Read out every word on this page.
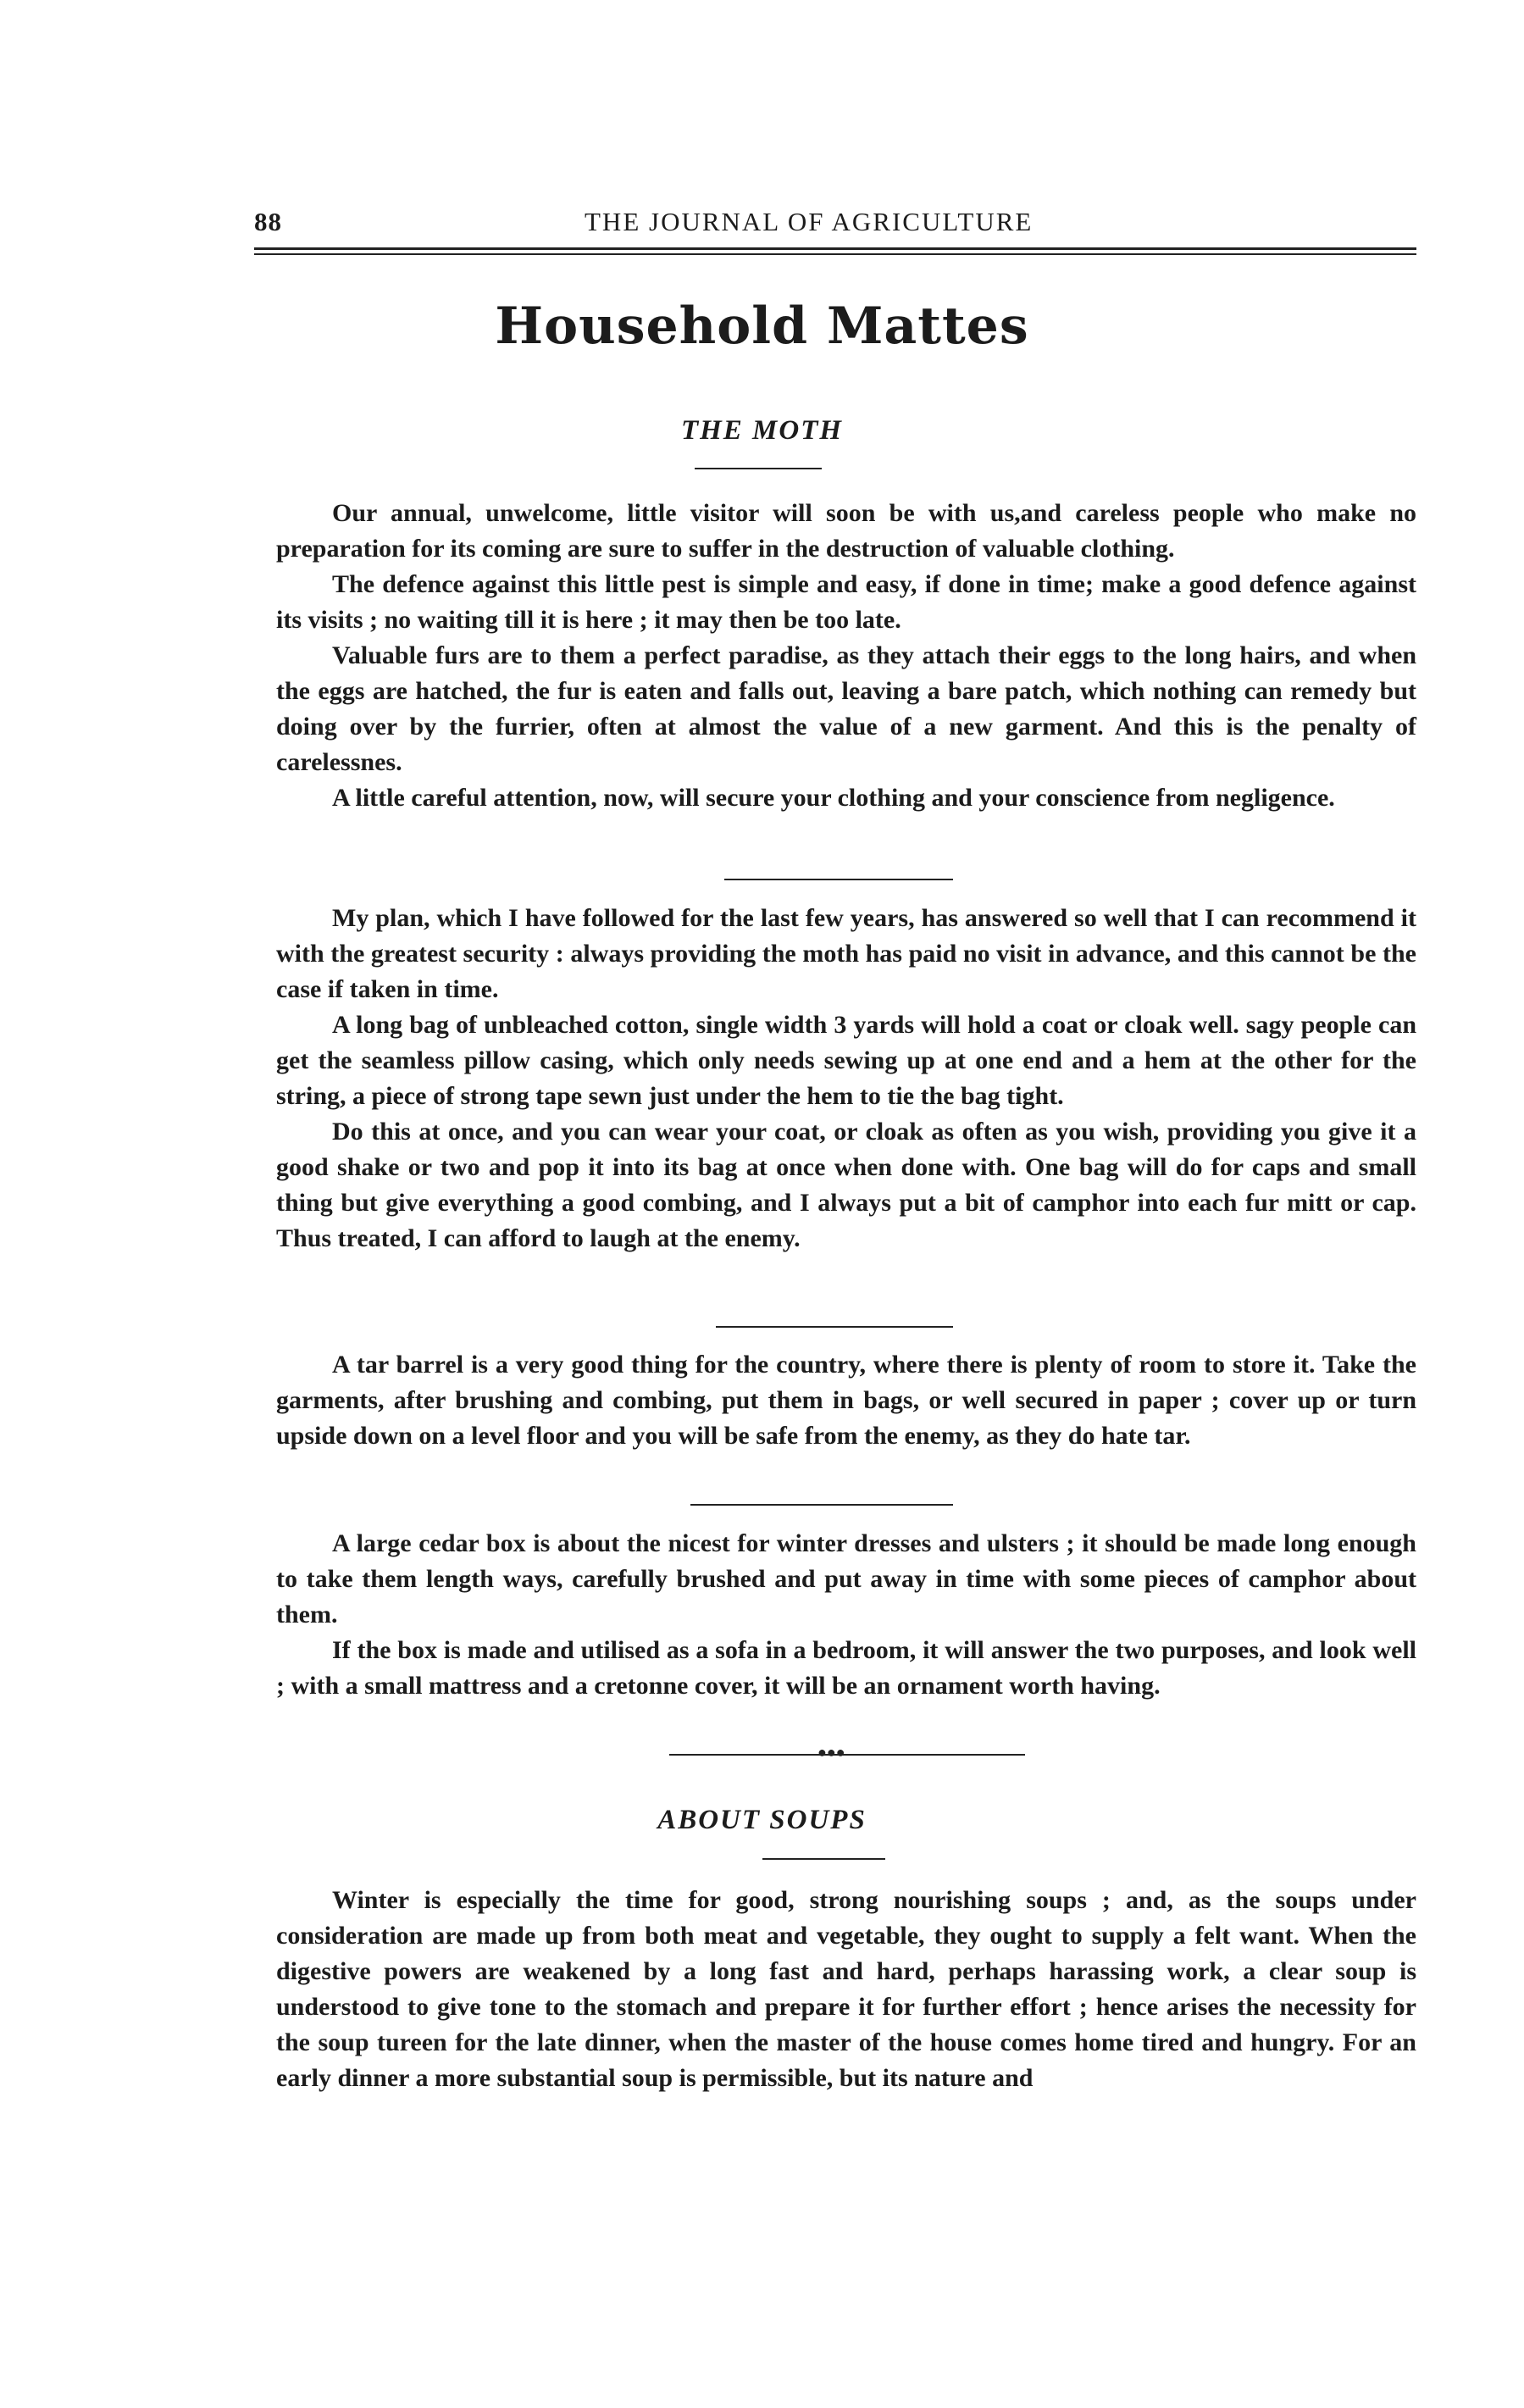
88	THE JOURNAL OF AGRICULTURE
Household Mattes
THE MOTH

Our annual, unwelcome, little visitor will soon be with us,and careless people who make no preparation for its coming are sure to suffer in the destruction of valuable clothing.

The defence against this little pest is simple and easy, if done in time; make a good defence against its visits ; no waiting till it is here ; it may then be too late.

Valuable furs are to them a perfect paradise, as they attach their eggs to the long hairs, and when the eggs are hatched, the fur is eaten and falls out, leaving a bare patch, which nothing can remedy but doing over by the furrier, often at almost the value of a new garment. And this is the penalty of carelessnes.

A little careful attention, now, will secure your clothing and your conscience from negligence.

My plan, which I have followed for the last few years, has answered so well that I can recommend it with the greatest security : always providing the moth has paid no visit in advance, and this cannot be the case if taken in time.

A long bag of unbleached cotton, single width 3 yards will hold a coat or cloak well. sagy people can get the seamless pillow casing, which only needs sewing up at one end and a hem at the other for the string, a piece of strong tape sewn just under the hem to tie the bag tight.

Do this at once, and you can wear your coat, or cloak as often as you wish, providing you give it a good shake or two and pop it into its bag at once when done with. One bag will do for caps and small thing but give everything a good combing, and I always put a bit of camphor into each fur mitt or cap. Thus treated, I can afford to laugh at the enemy.

A tar barrel is a very good thing for the country, where there is plenty of room to store it. Take the garments, after brushing and combing, put them in bags, or well secured in paper ; cover up or turn upside down on a level floor and you will be safe from the enemy, as they do hate tar.

A large cedar box is about the nicest for winter dresses and ulsters ; it should be made long enough to take them length ways, carefully brushed and put away in time with some pieces of camphor about them.

If the box is made and utilised as a sofa in a bedroom, it will answer the two purposes, and look well ; with a small mattress and a cretonne cover, it will be an ornament worth having.

●●●
ABOUT SOUPS

Winter is especially the time for good, strong nourishing soups ; and, as the soups under consideration are made up from both meat and vegetable, they ought to supply a felt want. When the digestive powers are weakened by a long fast and hard, perhaps harassing work, a clear soup is understood to give tone to the stomach and prepare it for further effort ; hence arises the necessity for the soup tureen for the late dinner, when the master of the house comes home tired and hungry. For an early dinner a more substantial soup is permissible, but its nature and
